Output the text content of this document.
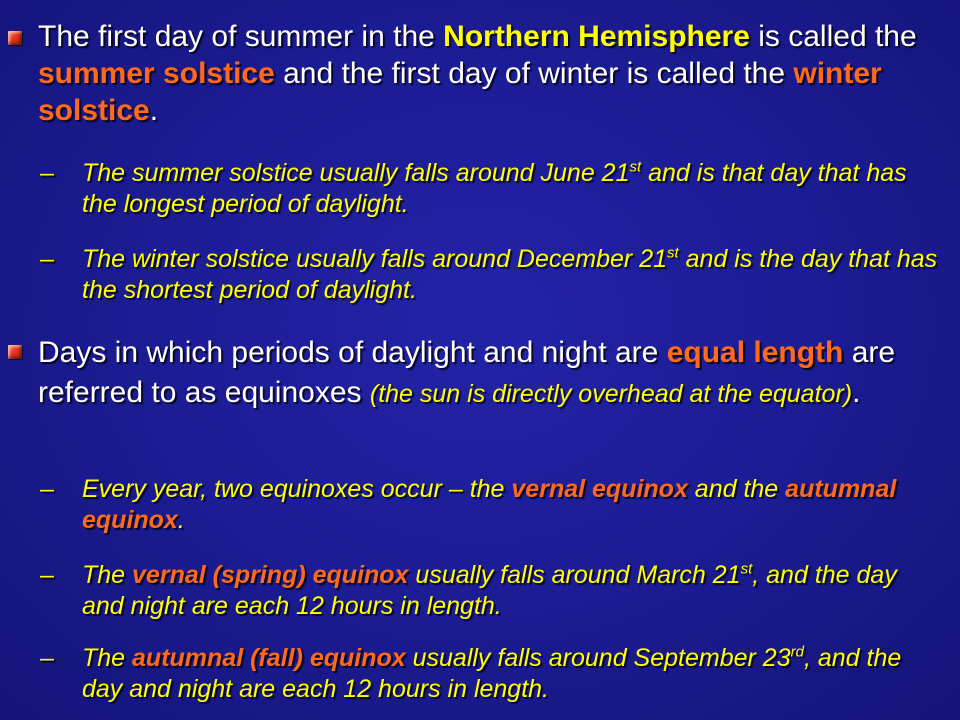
The first day of summer in the Northern Hemisphere is called the summer solstice and the first day of winter is called the winter solstice.

– The summer solstice usually falls around June 21st and is that day that has the longest period of daylight.

– The winter solstice usually falls around December 21st and is the day that has the shortest period of daylight.

Days in which periods of daylight and night are equal length are referred to as equinoxes (the sun is directly overhead at the equator).

– Every year, two equinoxes occur – the vernal equinox and the autumnal equinox.

– The vernal (spring) equinox usually falls around March 21st, and the day and night are each 12 hours in length.

– The autumnal (fall) equinox usually falls around September 23rd, and the day and night are each 12 hours in length.
